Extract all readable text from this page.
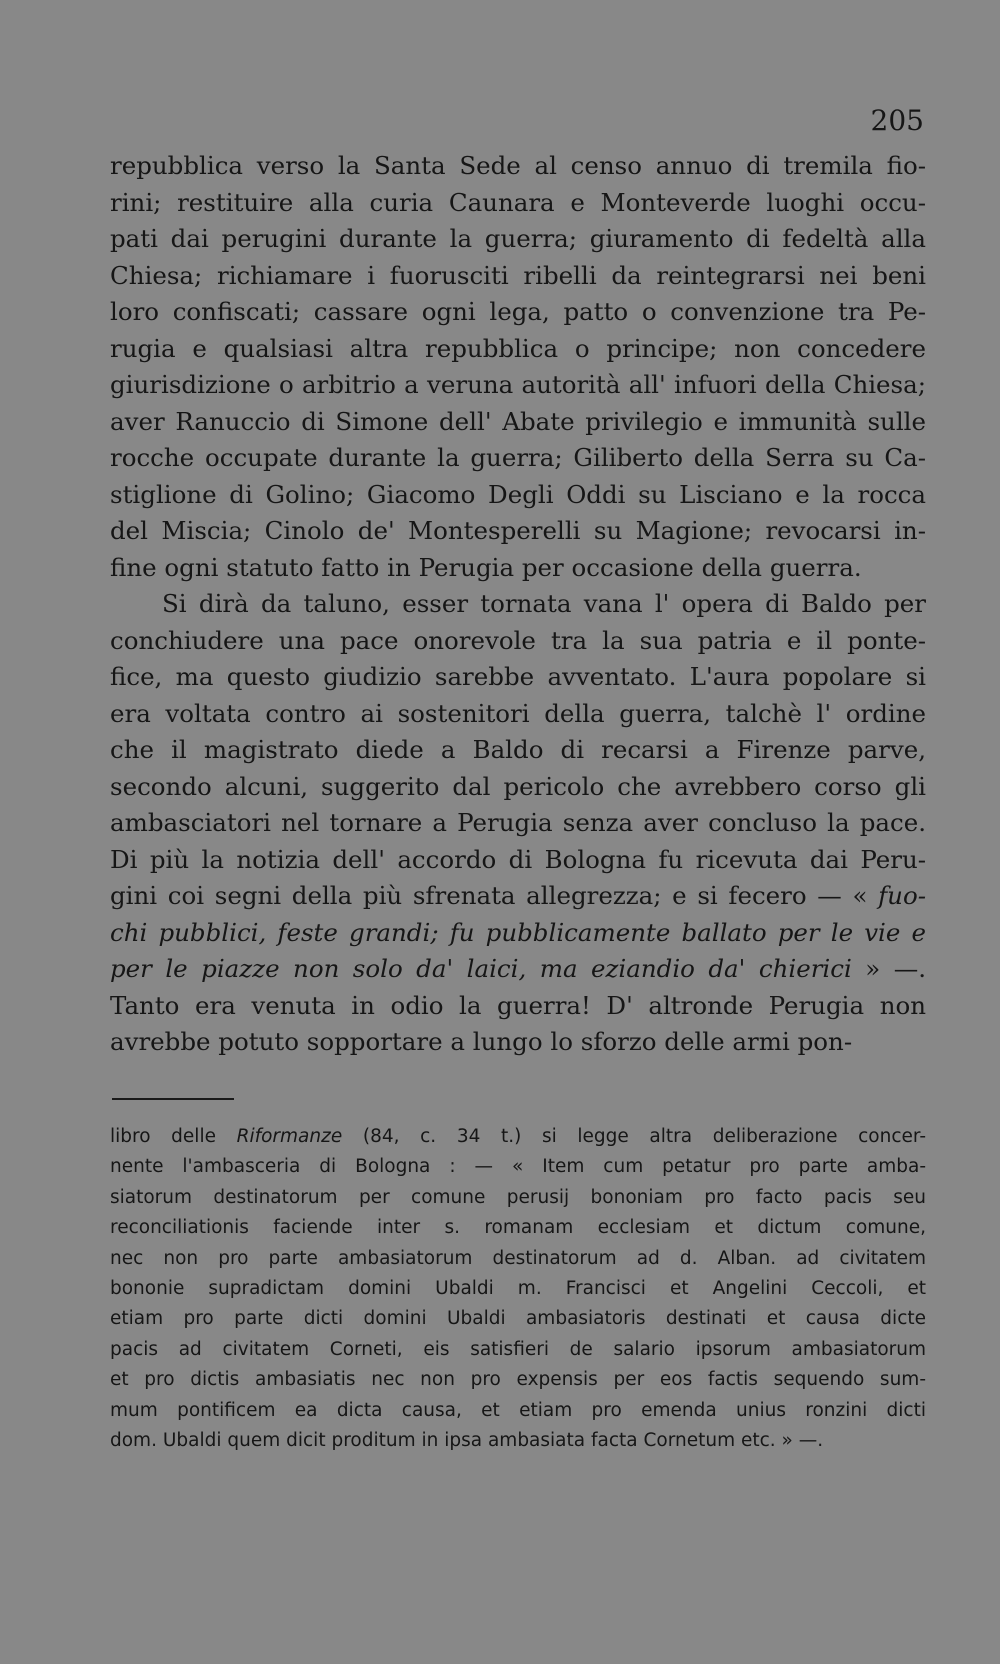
205
repubblica verso la Santa Sede al censo annuo di tremila fio-
rini; restituire alla curia Caunara e Monteverde luoghi occu-
pati dai perugini durante la guerra; giuramento di fedeltà alla
Chiesa; richiamare i fuorusciti ribelli da reintegrarsi nei beni
loro confiscati; cassare ogni lega, patto o convenzione tra Pe-
rugia e qualsiasi altra repubblica o principe; non concedere
giurisdizione o arbitrio a veruna autorità all' infuori della Chiesa;
aver Ranuccio di Simone dell' Abate privilegio e immunità sulle
rocche occupate durante la guerra; Giliberto della Serra su Ca-
stiglione di Golino; Giacomo Degli Oddi su Lisciano e la rocca
del Miscia; Cinolo de' Montesperelli su Magione; revocarsi in-
fine ogni statuto fatto in Perugia per occasione della guerra.
Si dirà da taluno, esser tornata vana l' opera di Baldo per
conchiudere una pace onorevole tra la sua patria e il ponte-
fice, ma questo giudizio sarebbe avventato. L'aura popolare si
era voltata contro ai sostenitori della guerra, talchè l' ordine
che il magistrato diede a Baldo di recarsi a Firenze parve,
secondo alcuni, suggerito dal pericolo che avrebbero corso gli
ambasciatori nel tornare a Perugia senza aver concluso la pace.
Di più la notizia dell' accordo di Bologna fu ricevuta dai Peru-
gini coi segni della più sfrenata allegrezza; e si fecero — « fuo-
chi pubblici, feste grandi; fu pubblicamente ballato per le vie e
per le piazze non solo da' laici, ma eziandio da' chierici » —.
Tanto era venuta in odio la guerra! D' altronde Perugia non
avrebbe potuto sopportare a lungo lo sforzo delle armi pon-
libro delle Riformanze (84, c. 34 t.) si legge altra deliberazione concer-
nente l'ambasceria di Bologna : — « Item cum petatur pro parte amba-
siatorum destinatorum per comune perusij bononiam pro facto pacis seu
reconciliationis faciende inter s. romanam ecclesiam et dictum comune,
nec non pro parte ambasiatorum destinatorum ad d. Alban. ad civitatem
bononie supradictam domini Ubaldi m. Francisci et Angelini Ceccoli, et
etiam pro parte dicti domini Ubaldi ambasiatoris destinati et causa dicte
pacis ad civitatem Corneti, eis satisfieri de salario ipsorum ambasiatorum
et pro dictis ambasiatis nec non pro expensis per eos factis sequendo sum-
mum pontificem ea dicta causa, et etiam pro emenda unius ronzini dicti
dom. Ubaldi quem dicit proditum in ipsa ambasiata facta Cornetum etc. » —.
